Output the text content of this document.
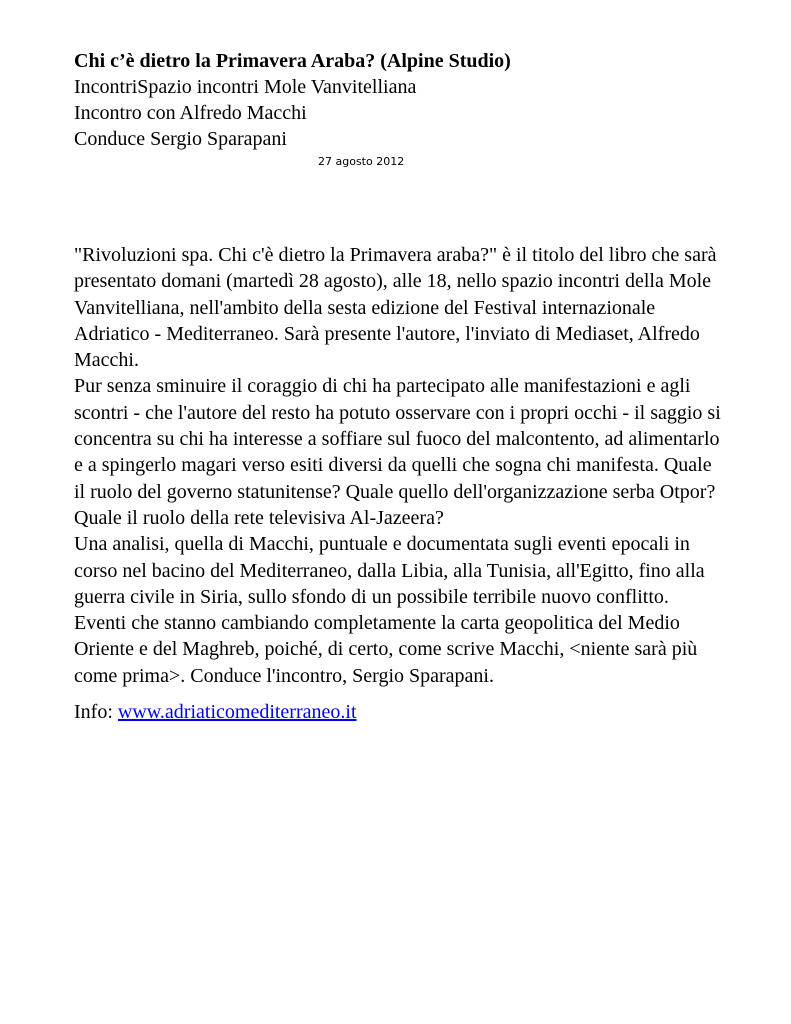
Chi c’è dietro la Primavera Araba? (Alpine Studio)

IncontriSpazio incontri Mole Vanvitelliana

Incontro con Alfredo Macchi

Conduce Sergio Sparapani

27 agosto 2012

"Rivoluzioni spa. Chi c'è dietro la Primavera araba?" è il titolo del libro che sarà presentato domani (martedì 28 agosto), alle 18, nello spazio incontri della Mole Vanvitelliana, nell'ambito della sesta edizione del Festival internazionale Adriatico - Mediterraneo. Sarà presente l'autore, l'inviato di Mediaset, Alfredo Macchi.

Pur senza sminuire il coraggio di chi ha partecipato alle manifestazioni e agli scontri - che l'autore del resto ha potuto osservare con i propri occhi - il saggio si concentra su chi ha interesse a soffiare sul fuoco del malcontento, ad alimentarlo e a spingerlo magari verso esiti diversi da quelli che sogna chi manifesta. Quale il ruolo del governo statunitense? Quale quello dell'organizzazione serba Otpor? Quale il ruolo della rete televisiva Al-Jazeera?

Una analisi, quella di Macchi, puntuale e documentata sugli eventi epocali in corso nel bacino del Mediterraneo, dalla Libia, alla Tunisia, all'Egitto, fino alla guerra civile in Siria, sullo sfondo di un possibile terribile nuovo conflitto. Eventi che stanno cambiando completamente la carta geopolitica del Medio Oriente e del Maghreb, poiché, di certo, come scrive Macchi, <niente sarà più come prima>. Conduce l'incontro, Sergio Sparapani.

Info: www.adriaticomediterraneo.it
